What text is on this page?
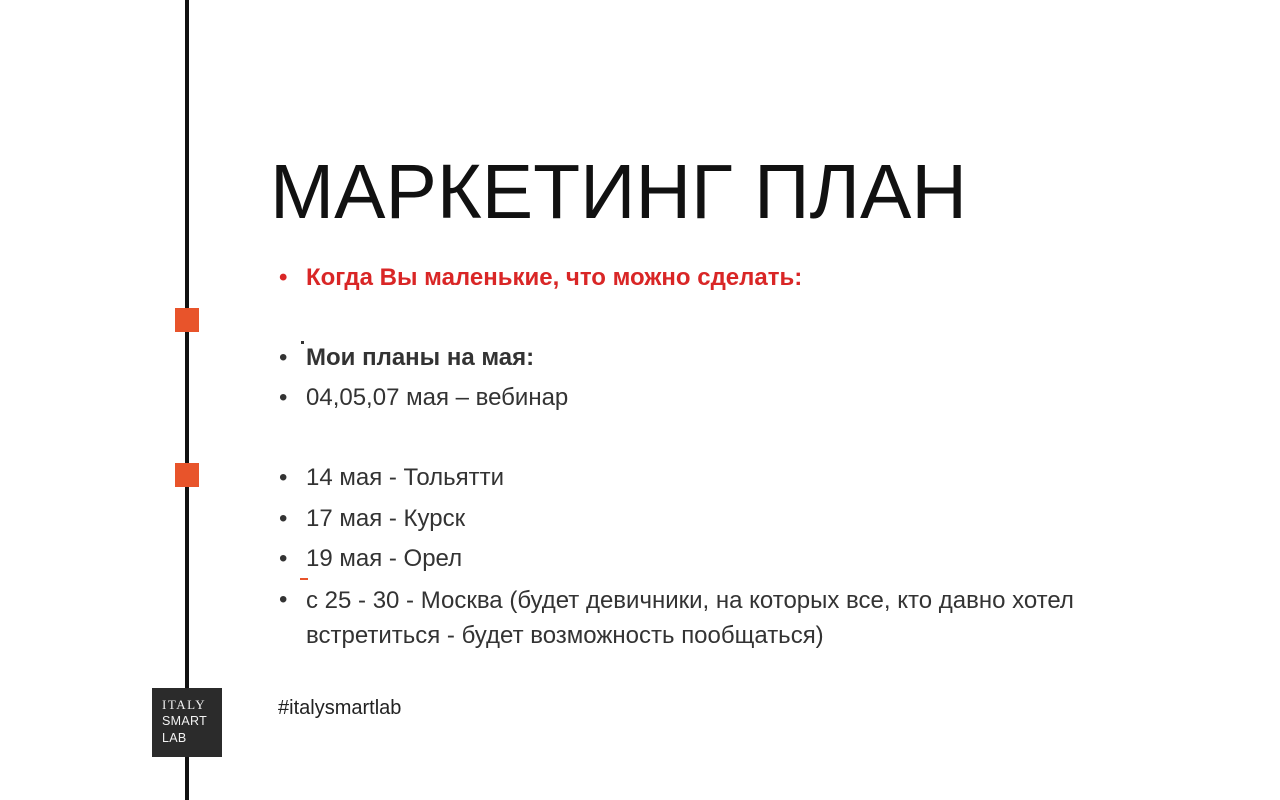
ITALY
SMART
LAB
МАРКЕТИНГ ПЛАН
• Когда Вы маленькие, что можно сделать:
• Мои планы на мая:
• 04,05,07 мая – вебинар
• 14 мая - Тольятти
• 17 мая - Курск
• 19 мая - Орел
• с 25 - 30 - Москва (будет девичники, на которых все, кто давно хотел встретиться - будет возможность пообщаться)
#italysmartlab
